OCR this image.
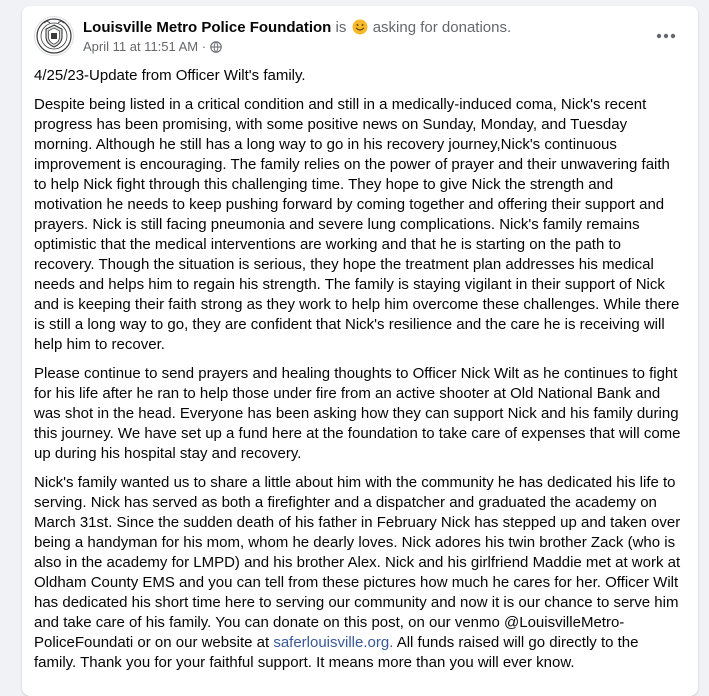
Louisville Metro Police Foundation is asking for donations.
April 11 at 11:51 AM ·

4/25/23-Update from Officer Wilt's family.

Despite being listed in a critical condition and still in a medically-induced coma, Nick's recent progress has been promising, with some positive news on Sunday, Monday, and Tuesday morning. Although he still has a long way to go in his recovery journey,Nick's continuous improvement is encouraging. The family relies on the power of prayer and their unwavering faith to help Nick fight through this challenging time. They hope to give Nick the strength and motivation he needs to keep pushing forward by coming together and offering their support and prayers. Nick is still facing pneumonia and severe lung complications. Nick's family remains optimistic that the medical interventions are working and that he is starting on the path to recovery. Though the situation is serious, they hope the treatment plan addresses his medical needs and helps him to regain his strength. The family is staying vigilant in their support of Nick and is keeping their faith strong as they work to help him overcome these challenges. While there is still a long way to go, they are confident that Nick's resilience and the care he is receiving will help him to recover.

Please continue to send prayers and healing thoughts to Officer Nick Wilt as he continues to fight for his life after he ran to help those under fire from an active shooter at Old National Bank and was shot in the head. Everyone has been asking how they can support Nick and his family during this journey. We have set up a fund here at the foundation to take care of expenses that will come up during his hospital stay and recovery.

Nick's family wanted us to share a little about him with the community he has dedicated his life to serving. Nick has served as both a firefighter and a dispatcher and graduated the academy on March 31st. Since the sudden death of his father in February Nick has stepped up and taken over being a handyman for his mom, whom he dearly loves. Nick adores his twin brother Zack (who is also in the academy for LMPD) and his brother Alex. Nick and his girlfriend Maddie met at work at Oldham County EMS and you can tell from these pictures how much he cares for her. Officer Wilt has dedicated his short time here to serving our community and now it is our chance to serve him and take care of his family. You can donate on this post, on our venmo @LouisvilleMetro-PoliceFoundati or on our website at saferlouisville.org. All funds raised will go directly to the family. Thank you for your faithful support. It means more than you will ever know.
